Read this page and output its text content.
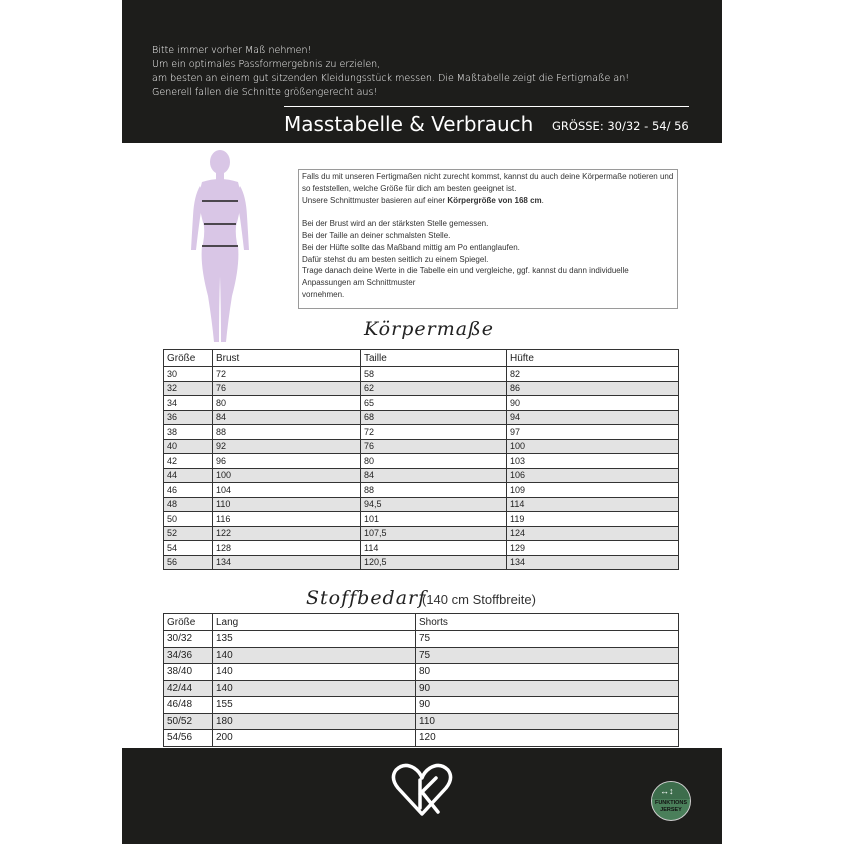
Bitte immer vorher Maß nehmen!
Um ein optimales Passformergebnis zu erzielen,
am besten an einem gut sitzenden Kleidungsstück messen. Die Maßtabelle zeigt die Fertigmaße an!
Generell fallen die Schnitte größengerecht aus!
Masstabelle & Verbrauch GRÖSSE: 30/32 - 54/ 56

Falls du mit unseren Fertigmaßen nicht zurecht kommst, kannst du auch deine Körpermaße notieren und so feststellen, welche Größe für dich am besten geeignet ist.

Unsere Schnittmuster basieren auf einer Körpergröße von 168 cm.

Bei der Brust wird an der stärksten Stelle gemessen.

Bei der Taille an deiner schmalsten Stelle.

Bei der Hüfte sollte das Maßband mittig am Po entlanglaufen.

Dafür stehst du am besten seitlich zu einem Spiegel.

Trage danach deine Werte in die Tabelle ein und vergleiche, ggf. kannst du dann individuelle Anpassungen am Schnittmuster

vornehmen.

Körpermaße
Größe	Brust	Taille	Hüfte
30	72	58	82
32	76	62	86
34	80	65	90
36	84	68	94
38	88	72	97
40	92	76	100
42	96	80	103
44	100	84	106
46	104	88	109
48	110	94,5	114
50	116	101	119
52	122	107,5	124
54	128	114	129
56	134	120,5	134
Stoffbedarf
(140 cm Stoffbreite)
Größe	Lang	Shorts
30/32	135	75
34/36	140	75
38/40	140	80
42/44	140	90
46/48	155	90
50/52	180	110
54/56	200	120
↔↕
FUNKTIONS
JERSEY
